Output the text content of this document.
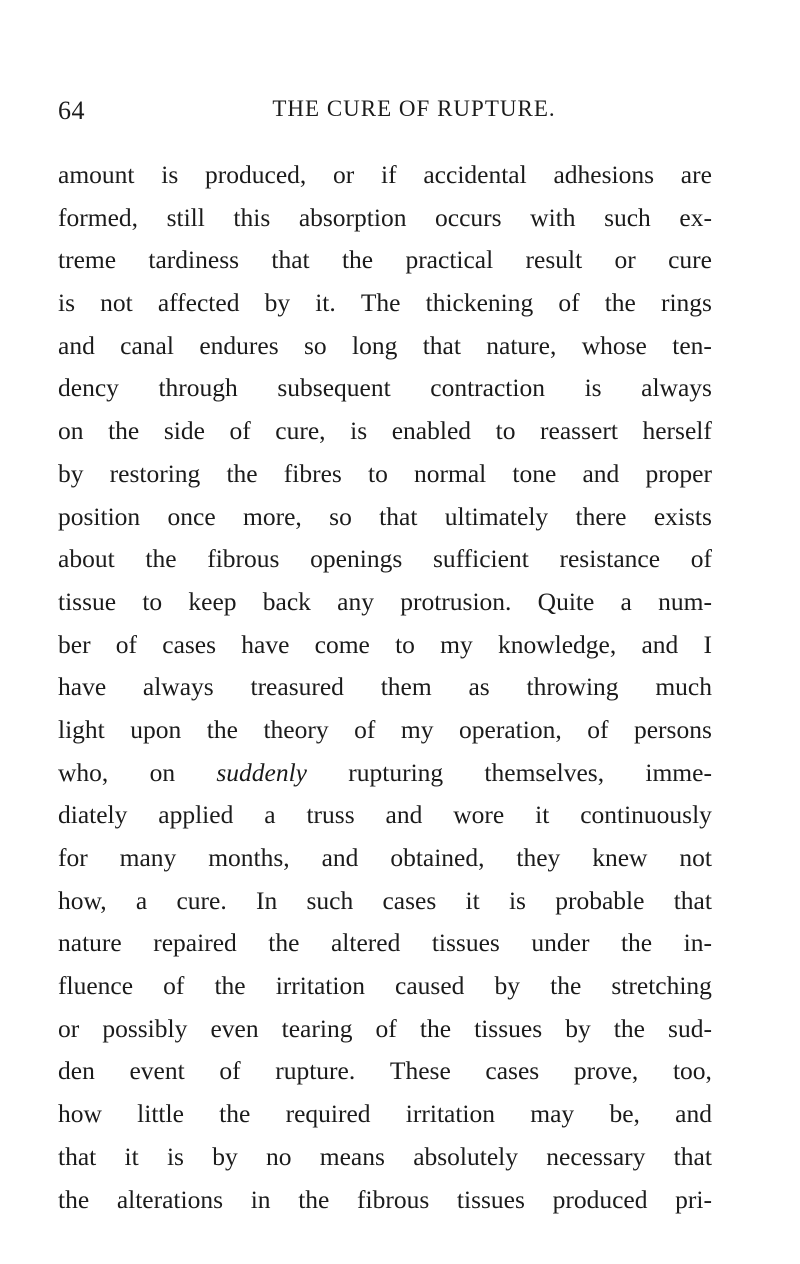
64	THE CURE OF RUPTURE.
amount is produced, or if accidental adhesions are
formed, still this absorption occurs with such ex-
treme tardiness that the practical result or cure
is not affected by it. The thickening of the rings
and canal endures so long that nature, whose ten-
dency through subsequent contraction is always
on the side of cure, is enabled to reassert herself
by restoring the fibres to normal tone and proper
position once more, so that ultimately there exists
about the fibrous openings sufficient resistance of
tissue to keep back any protrusion. Quite a num-
ber of cases have come to my knowledge, and I
have always treasured them as throwing much
light upon the theory of my operation, of persons
who, on suddenly rupturing themselves, imme-
diately applied a truss and wore it continuously
for many months, and obtained, they knew not
how, a cure. In such cases it is probable that
nature repaired the altered tissues under the in-
fluence of the irritation caused by the stretching
or possibly even tearing of the tissues by the sud-
den event of rupture. These cases prove, too,
how little the required irritation may be, and
that it is by no means absolutely necessary that
the alterations in the fibrous tissues produced pri-
